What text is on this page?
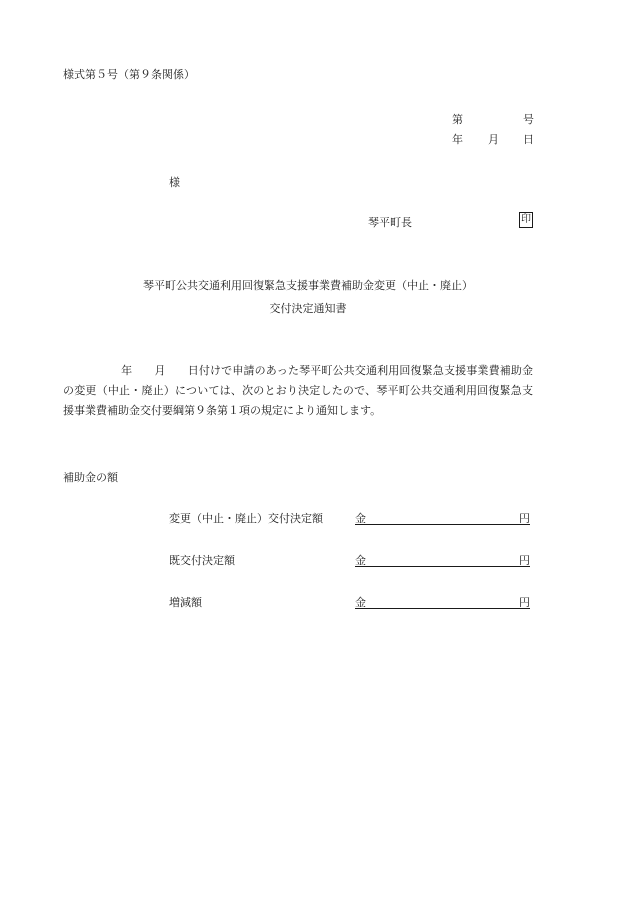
様式第５号（第９条関係）
第	号
年 月 日
様
琴平町長	印
琴平町公共交通利用回復緊急支援事業費補助金変更（中止・廃止）
交付決定通知書
年 月 日付けで申請のあった琴平町公共交通利用回復緊急支援事業費補助金の変更（中止・廃止）については、次のとおり決定したので、琴平町公共交通利用回復緊急支援事業費補助金交付要綱第９条第１項の規定により通知します。
補助金の額
変更（中止・廃止）交付決定額	金	円
既交付決定額	金	円
増減額	金	円
